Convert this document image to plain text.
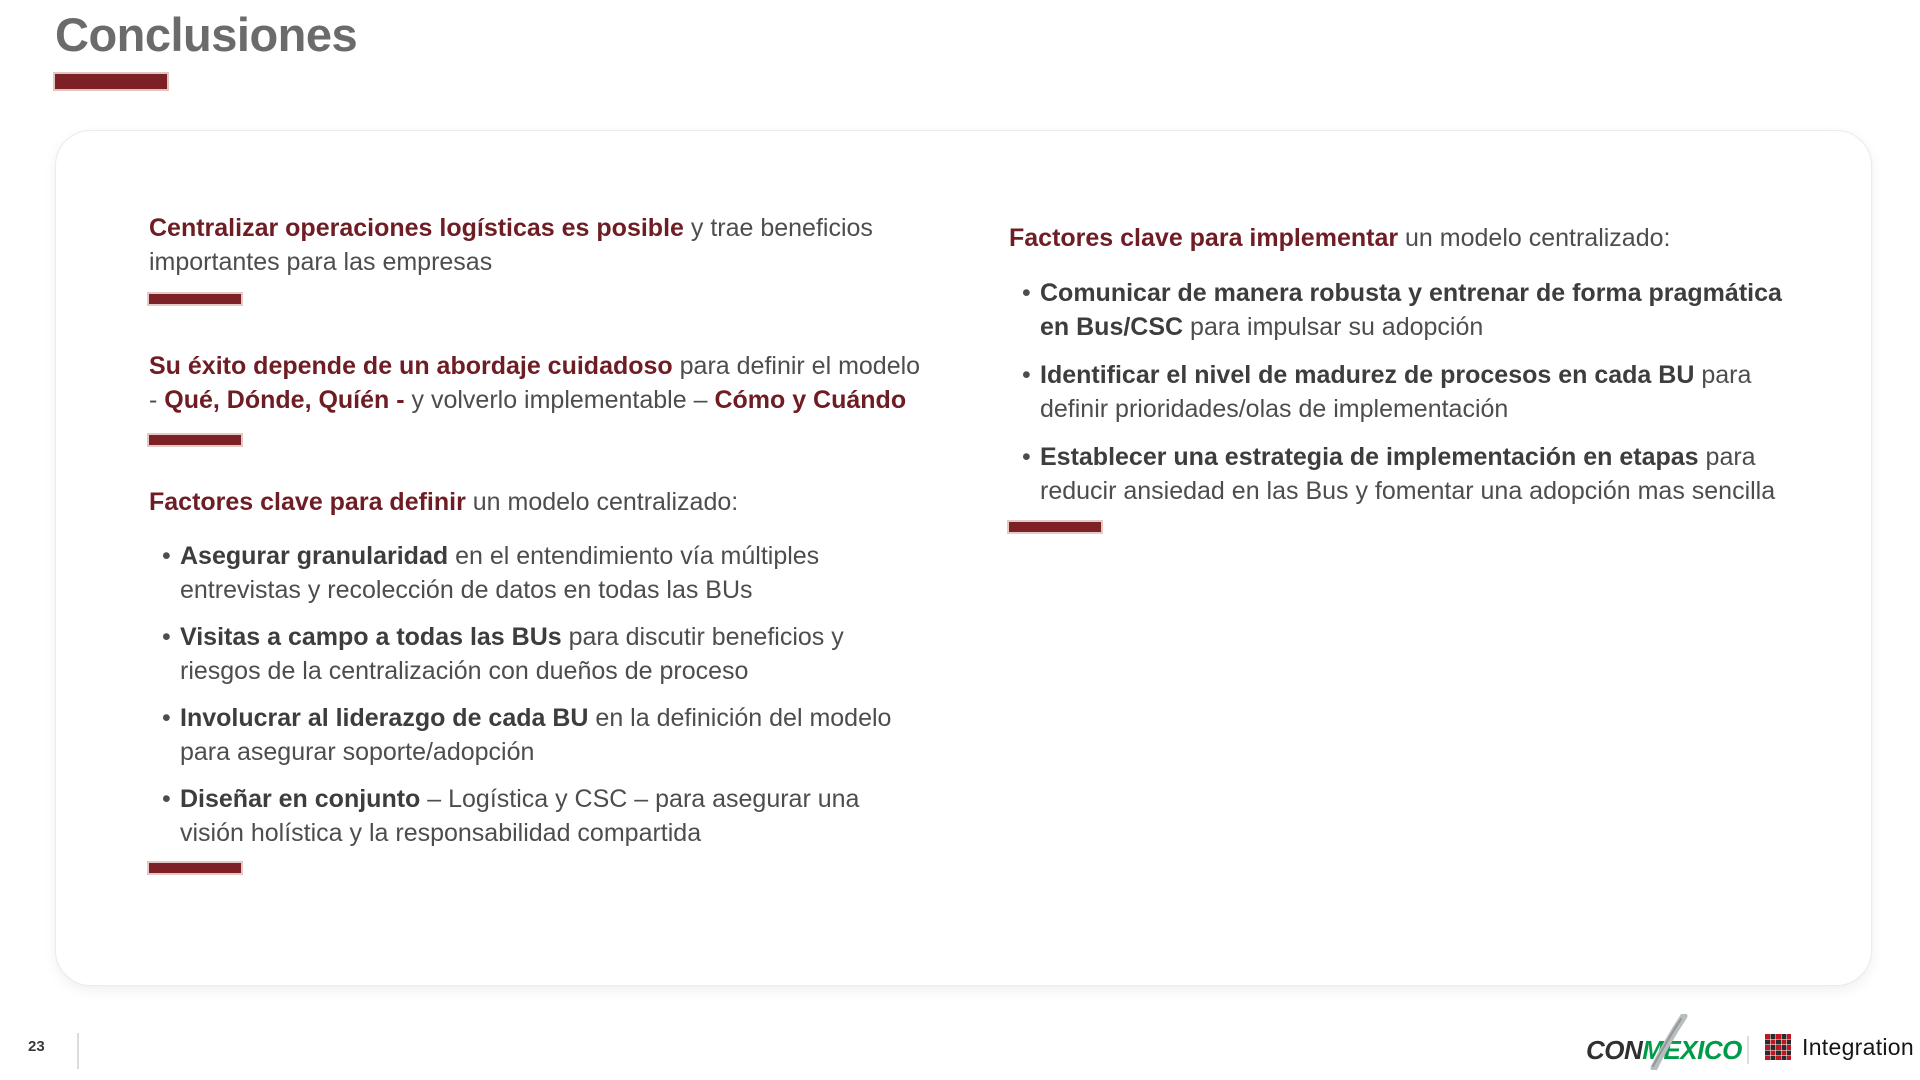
Conclusiones

Centralizar operaciones logísticas es posible y trae beneficios importantes para las empresas

Su éxito depende de un abordaje cuidadoso para definir el modelo - Qué, Dónde, Quíén - y volverlo implementable – Cómo y Cuándo

Factores clave para definir un modelo centralizado:

• Asegurar granularidad en el entendimiento vía múltiples entrevistas y recolección de datos en todas las BUs
• Visitas a campo a todas las BUs para discutir beneficios y riesgos de la centralización con dueños de proceso
• Involucrar al liderazgo de cada BU en la definición del modelo para asegurar soporte/adopción
• Diseñar en conjunto – Logística y CSC – para asegurar una visión holística y la responsabilidad compartida

Factores clave para implementar un modelo centralizado:

• Comunicar de manera robusta y entrenar de forma pragmática en Bus/CSC para impulsar su adopción
• Identificar el nivel de madurez de procesos en cada BU para definir prioridades/olas de implementación
• Establecer una estrategia de implementación en etapas para reducir ansiedad en las Bus y fomentar una adopción mas sencilla
23	CON MEXICO	Integration
